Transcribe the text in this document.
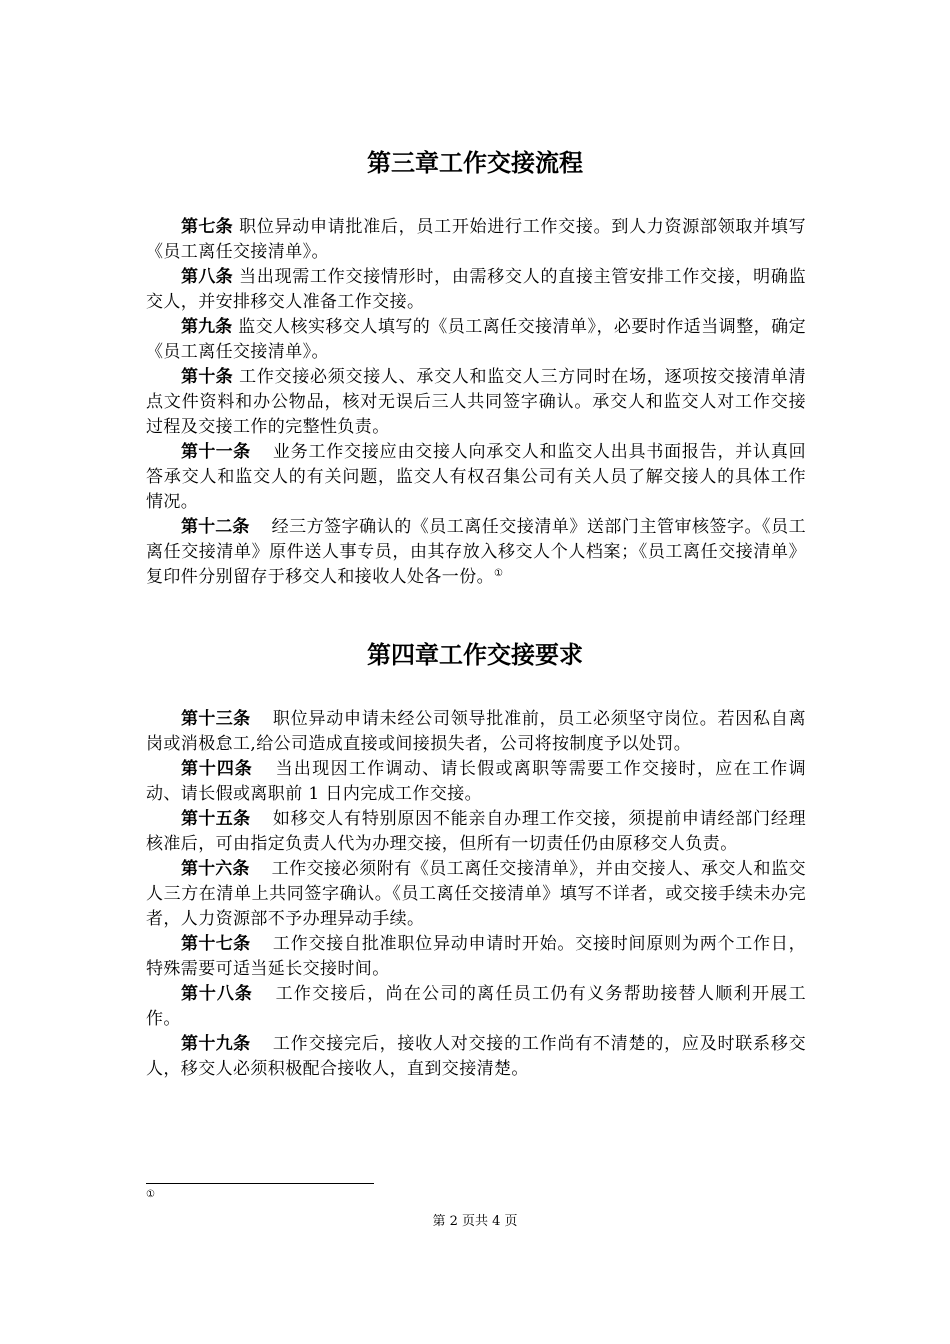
第三章工作交接流程

第七条 职位异动申请批准后，员工开始进行工作交接。到人力资源部领取并填写《员工离任交接清单》。

第八条 当出现需工作交接情形时，由需移交人的直接主管安排工作交接，明确监交人，并安排移交人准备工作交接。

第九条 监交人核实移交人填写的《员工离任交接清单》，必要时作适当调整，确定《员工离任交接清单》。

第十条 工作交接必须交接人、承交人和监交人三方同时在场，逐项按交接清单清点文件资料和办公物品，核对无误后三人共同签字确认。承交人和监交人对工作交接过程及交接工作的完整性负责。

第十一条 业务工作交接应由交接人向承交人和监交人出具书面报告，并认真回答承交人和监交人的有关问题，监交人有权召集公司有关人员了解交接人的具体工作情况。

第十二条 经三方签字确认的《员工离任交接清单》送部门主管审核签字。《员工离任交接清单》原件送人事专员，由其存放入移交人个人档案；《员工离任交接清单》复印件分别留存于移交人和接收人处各一份。①

第四章工作交接要求

第十三条 职位异动申请未经公司领导批准前，员工必须坚守岗位。若因私自离岗或消极怠工,给公司造成直接或间接损失者，公司将按制度予以处罚。

第十四条 当出现因工作调动、请长假或离职等需要工作交接时，应在工作调动、请长假或离职前 1 日内完成工作交接。

第十五条 如移交人有特别原因不能亲自办理工作交接，须提前申请经部门经理核准后，可由指定负责人代为办理交接，但所有一切责任仍由原移交人负责。

第十六条 工作交接必须附有《员工离任交接清单》，并由交接人、承交人和监交人三方在清单上共同签字确认。《员工离任交接清单》填写不详者，或交接手续未办完者，人力资源部不予办理异动手续。

第十七条 工作交接自批准职位异动申请时开始。交接时间原则为两个工作日，特殊需要可适当延长交接时间。

第十八条 工作交接后，尚在公司的离任员工仍有义务帮助接替人顺利开展工作。

第十九条 工作交接完后，接收人对交接的工作尚有不清楚的，应及时联系移交人，移交人必须积极配合接收人，直到交接清楚。

①
第 2 页共 4 页
